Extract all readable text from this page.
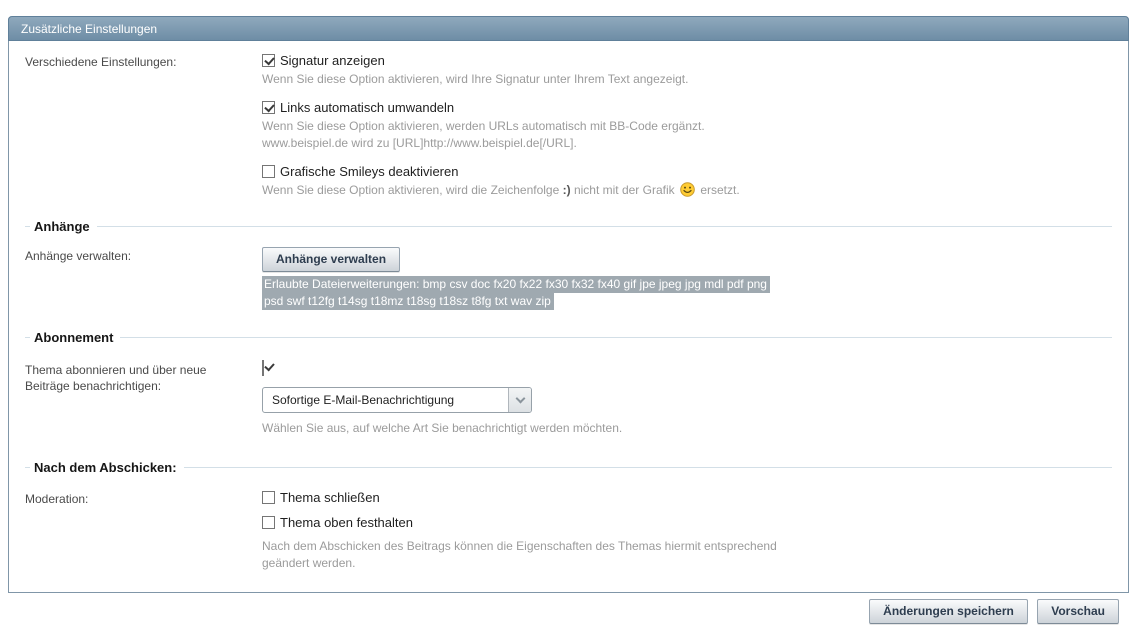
Zusätzliche Einstellungen
Verschiedene Einstellungen:	Signatur anzeigen
Wenn Sie diese Option aktivieren, wird Ihre Signatur unter Ihrem Text angezeigt.
Links automatisch umwandeln
Wenn Sie diese Option aktivieren, werden URLs automatisch mit BB-Code ergänzt.
www.beispiel.de wird zu [URL]http://www.beispiel.de[/URL].
Grafische Smileys deaktivieren
Wenn Sie diese Option aktivieren, wird die Zeichenfolge :) nicht mit der Grafik  ersetzt.
Anhänge
Anhänge verwalten:	Anhänge verwalten
Erlaubte Dateierweiterungen: bmp csv doc fx20 fx22 fx30 fx32 fx40 gif jpe jpeg jpg mdl pdf png
psd swf t12fg t14sg t18mz t18sg t18sz t8fg txt wav zip
Abonnement
Thema abonnieren und über neue
Beiträge benachrichtigen:
Sofortige E-Mail-Benachrichtigung
Wählen Sie aus, auf welche Art Sie benachrichtigt werden möchten.
Nach dem Abschicken:
Moderation:	Thema schließen
Thema oben festhalten
Nach dem Abschicken des Beitrags können die Eigenschaften des Themas hiermit entsprechend geändert werden.
Änderungen speichern	Vorschau
